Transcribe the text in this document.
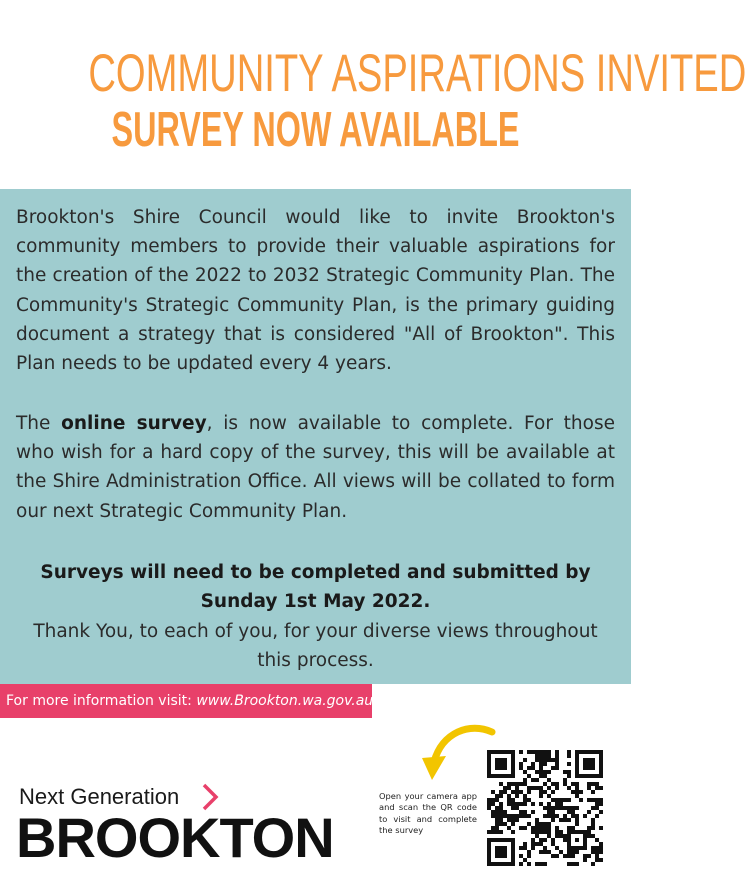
COMMUNITY ASPIRATIONS INVITED
SURVEY NOW AVAILABLE

Brookton's Shire Council would like to invite Brookton's community members to provide their valuable aspirations for the creation of the 2022 to 2032 Strategic Community Plan. The Community's Strategic Community Plan, is the primary guiding document a strategy that is considered "All of Brookton". This Plan needs to be updated every 4 years.

The online survey, is now available to complete. For those who wish for a hard copy of the survey, this will be available at the Shire Administration Office. All views will be collated to form our next Strategic Community Plan.

Surveys will need to be completed and submitted by
Sunday 1st May 2022.

Thank You, to each of you, for your diverse views throughout this process.

For more information visit: www.Brookton.wa.gov.au
Next Generation
BROOKTON
Open your camera app and scan the QR code to visit and complete the survey
